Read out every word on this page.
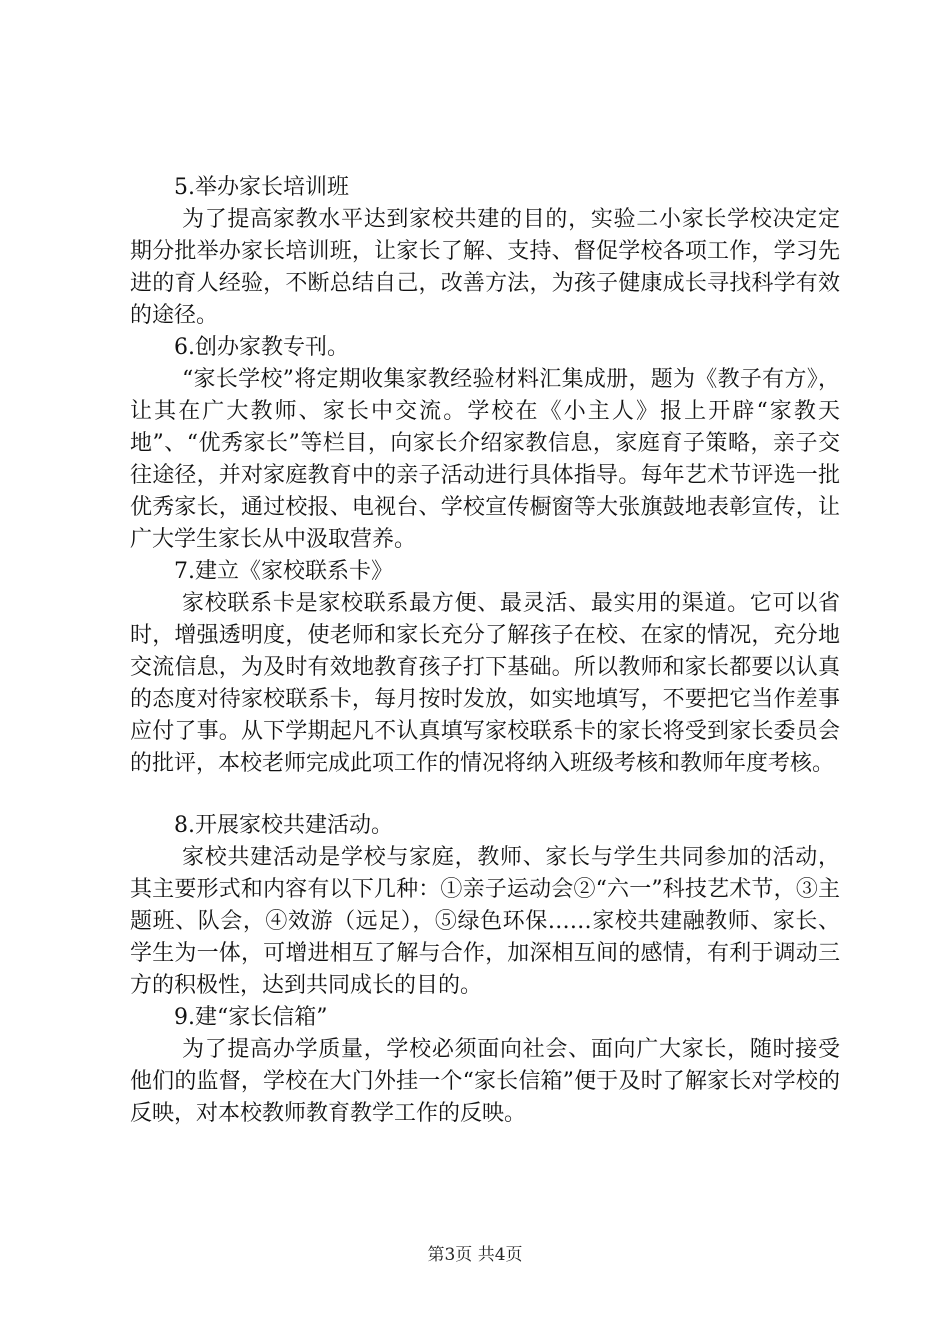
5.举办家长培训班

为了提高家教水平达到家校共建的目的，实验二小家长学校决定定期分批举办家长培训班，让家长了解、支持、督促学校各项工作，学习先进的育人经验，不断总结自己，改善方法，为孩子健康成长寻找科学有效的途径。

6.创办家教专刊。

“家长学校”将定期收集家教经验材料汇集成册，题为《教子有方》，让其在广大教师、家长中交流。学校在《小主人》报上开辟“家教天地”、“优秀家长”等栏目，向家长介绍家教信息，家庭育子策略，亲子交往途径，并对家庭教育中的亲子活动进行具体指导。每年艺术节评选一批优秀家长，通过校报、电视台、学校宣传橱窗等大张旗鼓地表彰宣传，让广大学生家长从中汲取营养。

7.建立《家校联系卡》

家校联系卡是家校联系最方便、最灵活、最实用的渠道。它可以省时，增强透明度，使老师和家长充分了解孩子在校、在家的情况，充分地交流信息，为及时有效地教育孩子打下基础。所以教师和家长都要以认真的态度对待家校联系卡，每月按时发放，如实地填写，不要把它当作差事应付了事。从下学期起凡不认真填写家校联系卡的家长将受到家长委员会的批评，本校老师完成此项工作的情况将纳入班级考核和教师年度考核。

8.开展家校共建活动。

家校共建活动是学校与家庭，教师、家长与学生共同参加的活动，其主要形式和内容有以下几种：①亲子运动会②“六一”科技艺术节，③主题班、队会，④效游（远足），⑤绿色环保……家校共建融教师、家长、学生为一体，可增进相互了解与合作，加深相互间的感情，有利于调动三方的积极性，达到共同成长的目的。

9.建“家长信箱”

为了提高办学质量，学校必须面向社会、面向广大家长，随时接受他们的监督，学校在大门外挂一个“家长信箱”便于及时了解家长对学校的反映，对本校教师教育教学工作的反映。

第3页 共4页
